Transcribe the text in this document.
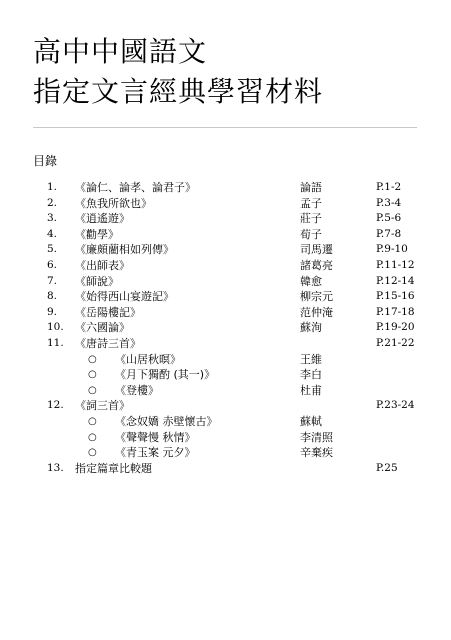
高中中國語文
指定文言經典學習材料
目錄
1. 《論仁、論孝、論君子》	論語	P.1-2
2. 《魚我所欲也》	孟子	P.3-4
3. 《逍遙遊》	莊子	P.5-6
4. 《勸學》	荀子	P.7-8
5. 《廉頗藺相如列傳》	司馬遷	P.9-10
6. 《出師表》	諸葛亮	P.11-12
7. 《師說》	韓愈	P.12-14
8. 《始得西山宴遊記》	柳宗元	P.15-16
9. 《岳陽樓記》	范仲淹	P.17-18
10. 《六國論》	蘇洵	P.19-20
11. 《唐詩三首》	P.21-22
○ 《山居秋暝》	王維
○ 《月下獨酌 (其一)》	李白
○ 《登樓》	杜甫
12. 《詞三首》	P.23-24
○ 《念奴嬌 赤壁懷古》	蘇軾
○ 《聲聲慢 秋情》	李清照
○ 《青玉案 元夕》	辛棄疾
13. 指定篇章比較題	P.25
